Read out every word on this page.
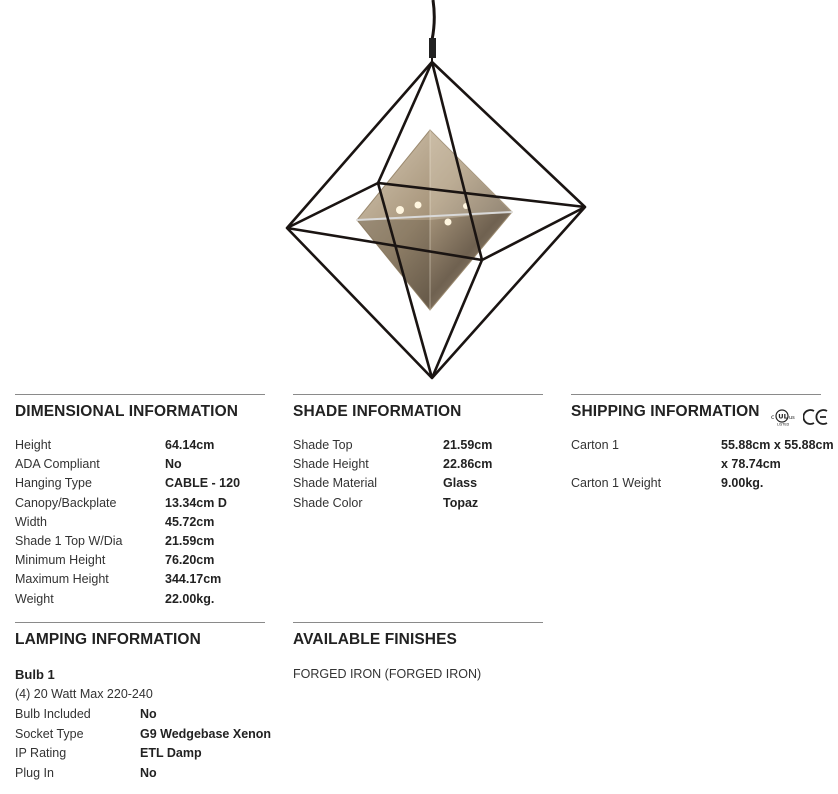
DIMENSIONAL INFORMATION
Height	64.14cm
ADA Compliant	No
Hanging Type	CABLE - 120
Canopy/Backplate	13.34cm D
Width	45.72cm
Shade 1 Top W/Dia	21.59cm
Minimum Height	76.20cm
Maximum Height	344.17cm
Weight	22.00kg.
SHADE INFORMATION
Shade Top	21.59cm
Shade Height	22.86cm
Shade Material	Glass
Shade Color	Topaz
SHIPPING INFORMATION c UL us
LISTED
Carton 1	55.88cm x 55.88cm
x 78.74cm
Carton 1 Weight	9.00kg.
LAMPING INFORMATION
Bulb 1
(4) 20 Watt Max 220-240
Bulb Included	No
Socket Type	G9 Wedgebase Xenon
IP Rating	ETL Damp
Plug In	No
AVAILABLE FINISHES
FORGED IRON (FORGED IRON)
